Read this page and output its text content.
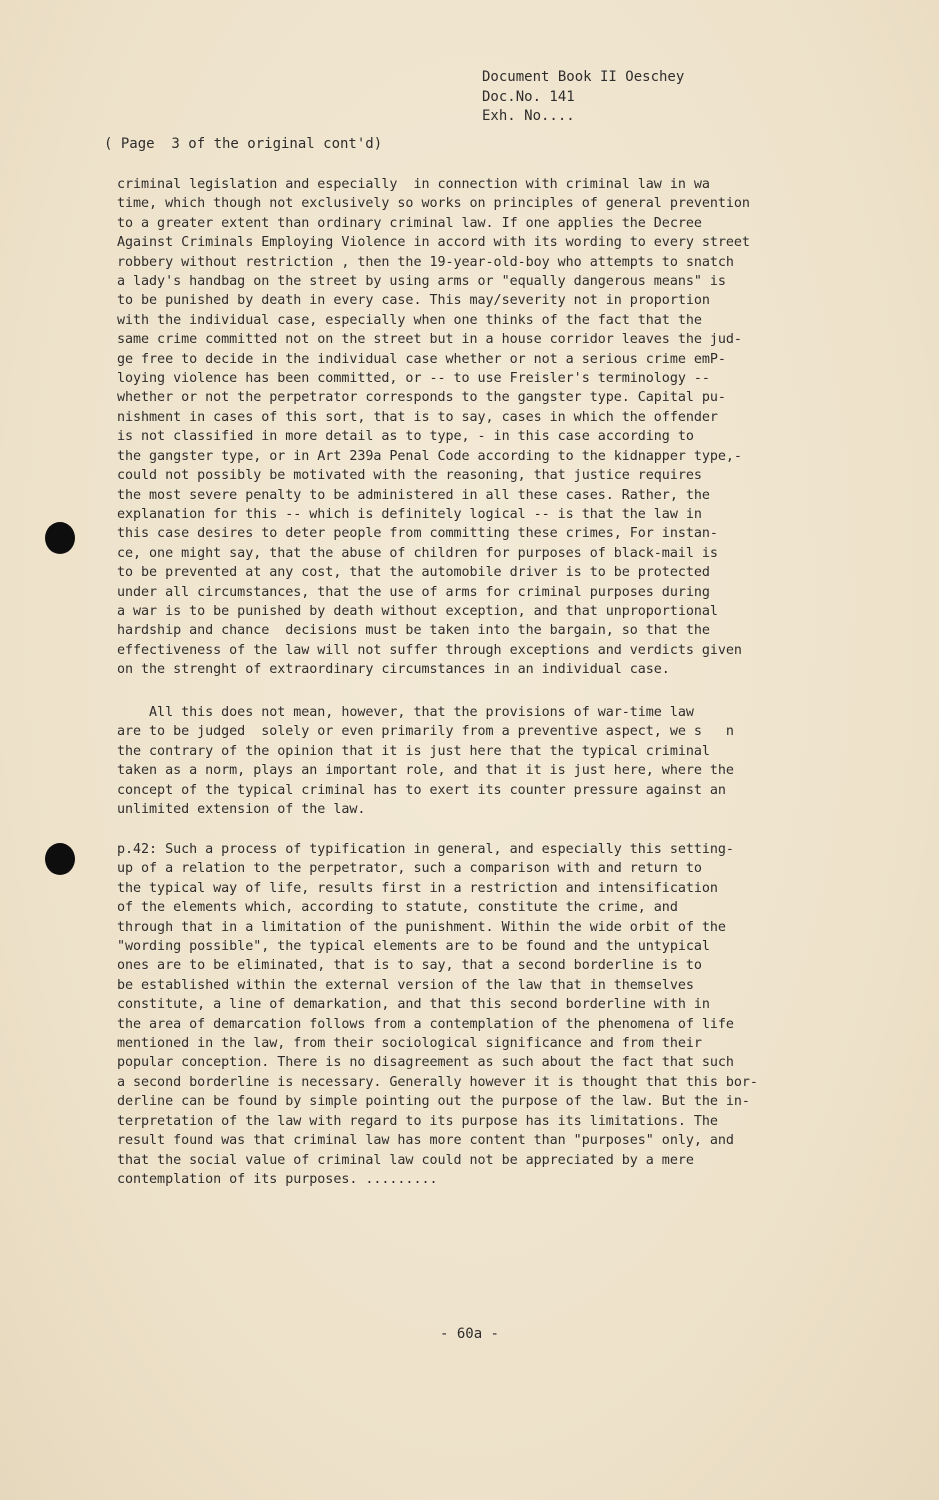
Document Book II Oeschey
Doc.No. 141
Exh. No....
( Page  3 of the original cont'd)
criminal legislation and especially  in connection with criminal law in wa
time, which though not exclusively so works on principles of general prevention
to a greater extent than ordinary criminal law. If one applies the Decree
Against Criminals Employing Violence in accord with its wording to every street
robbery without restriction , then the 19-year-old-boy who attempts to snatch
a lady's handbag on the street by using arms or "equally dangerous means" is
to be punished by death in every case. This may/severity not in proportion
with the individual case, especially when one thinks of the fact that the
same crime committed not on the street but in a house corridor leaves the jud-
ge free to decide in the individual case whether or not a serious crime emP-
loying violence has been committed, or -- to use Freisler's terminology --
whether or not the perpetrator corresponds to the gangster type. Capital pu-
nishment in cases of this sort, that is to say, cases in which the offender
is not classified in more detail as to type, - in this case according to
the gangster type, or in Art 239a Penal Code according to the kidnapper type,-
could not possibly be motivated with the reasoning, that justice requires
the most severe penalty to be administered in all these cases. Rather, the
explanation for this -- which is definitely logical -- is that the law in
this case desires to deter people from committing these crimes, For instan-
ce, one might say, that the abuse of children for purposes of black-mail is
to be prevented at any cost, that the automobile driver is to be protected
under all circumstances, that the use of arms for criminal purposes during
a war is to be punished by death without exception, and that unproportional
hardship and chance  decisions must be taken into the bargain, so that the
effectiveness of the law will not suffer through exceptions and verdicts given
on the strenght of extraordinary circumstances in an individual case.
All this does not mean, however, that the provisions of war-time law
are to be judged  solely or even primarily from a preventive aspect, we s   n
the contrary of the opinion that it is just here that the typical criminal
taken as a norm, plays an important role, and that it is just here, where the
concept of the typical criminal has to exert its counter pressure against an
unlimited extension of the law.
p.42: Such a process of typification in general, and especially this setting-
up of a relation to the perpetrator, such a comparison with and return to
the typical way of life, results first in a restriction and intensification
of the elements which, according to statute, constitute the crime, and
through that in a limitation of the punishment. Within the wide orbit of the
"wording possible", the typical elements are to be found and the untypical
ones are to be eliminated, that is to say, that a second borderline is to
be established within the external version of the law that in themselves
constitute, a line of demarkation, and that this second borderline with in
the area of demarcation follows from a contemplation of the phenomena of life
mentioned in the law, from their sociological significance and from their
popular conception. There is no disagreement as such about the fact that such
a second borderline is necessary. Generally however it is thought that this bor-
derline can be found by simple pointing out the purpose of the law. But the in-
terpretation of the law with regard to its purpose has its limitations. The
result found was that criminal law has more content than "purposes" only, and
that the social value of criminal law could not be appreciated by a mere
contemplation of its purposes. .........
- 60a -
